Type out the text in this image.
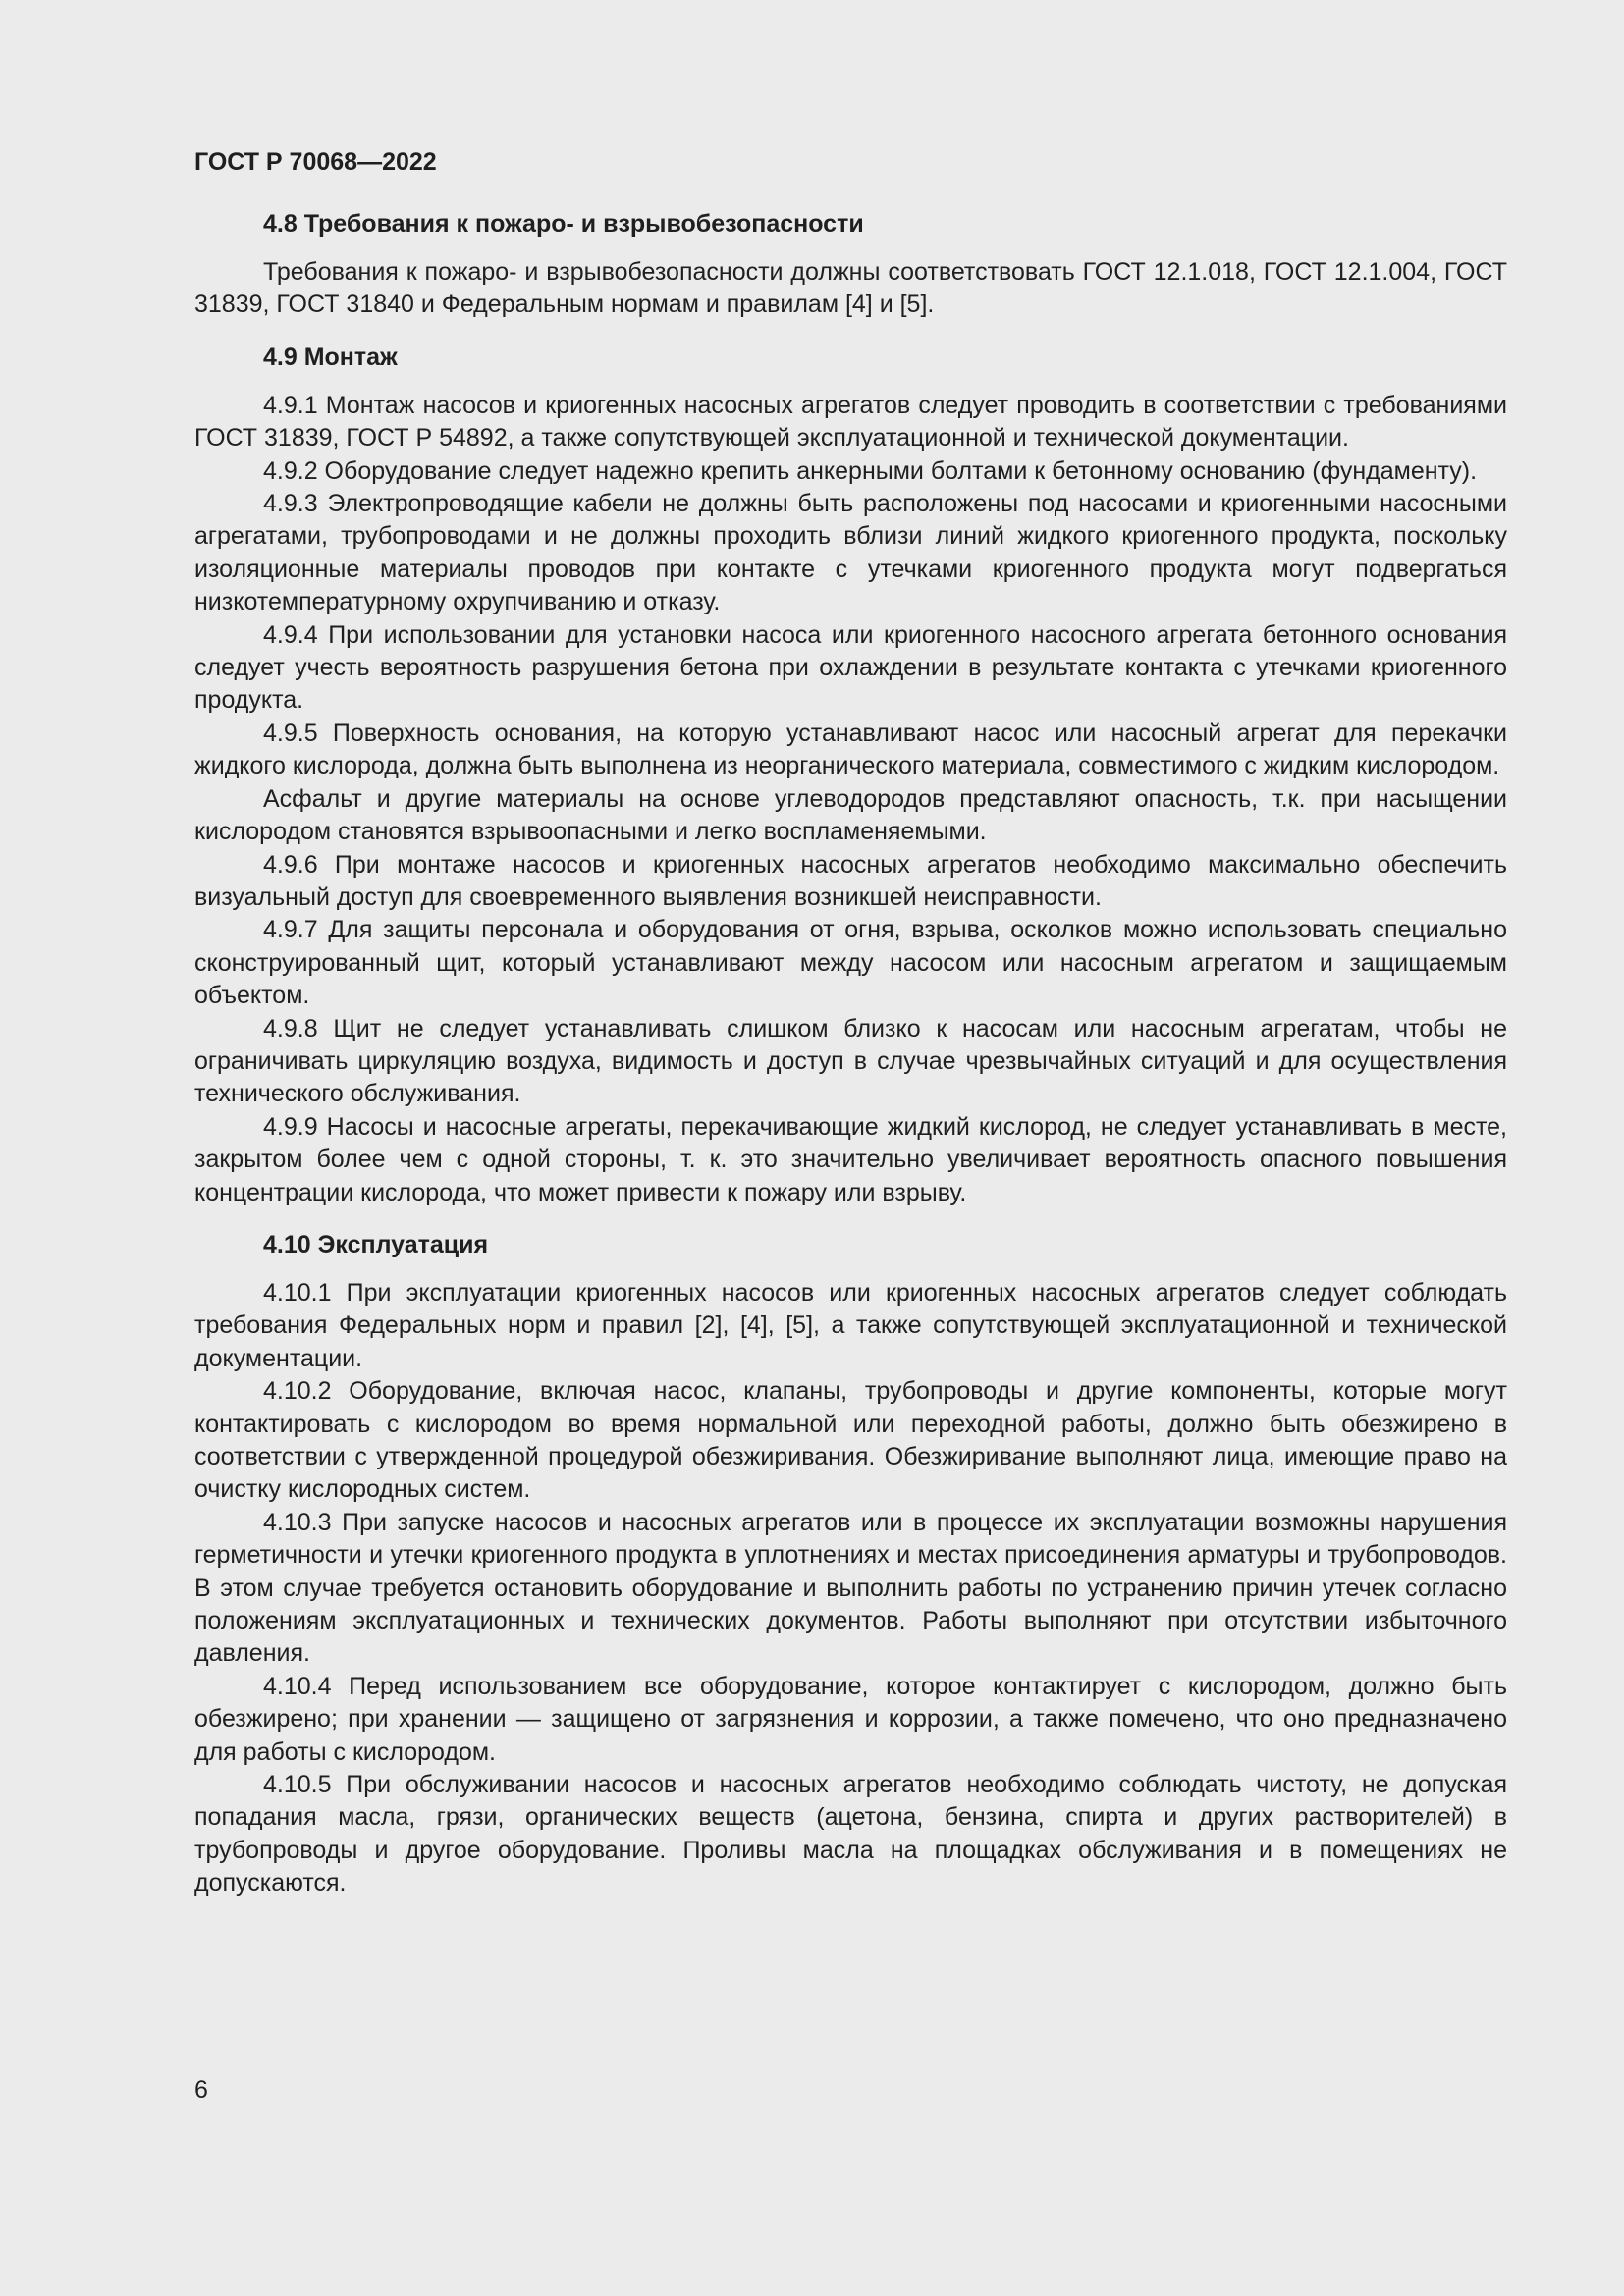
ГОСТ Р 70068—2022
4.8 Требования к пожаро- и взрывобезопасности

Требования к пожаро- и взрывобезопасности должны соответствовать ГОСТ 12.1.018, ГОСТ 12.1.004, ГОСТ 31839, ГОСТ 31840 и Федеральным нормам и правилам [4] и [5].

4.9 Монтаж

4.9.1 Монтаж насосов и криогенных насосных агрегатов следует проводить в соответствии с требованиями ГОСТ 31839, ГОСТ Р 54892, а также сопутствующей эксплуатационной и технической документации.

4.9.2 Оборудование следует надежно крепить анкерными болтами к бетонному основанию (фундаменту).

4.9.3 Электропроводящие кабели не должны быть расположены под насосами и криогенными насосными агрегатами, трубопроводами и не должны проходить вблизи линий жидкого криогенного продукта, поскольку изоляционные материалы проводов при контакте с утечками криогенного продукта могут подвергаться низкотемпературному охрупчиванию и отказу.

4.9.4 При использовании для установки насоса или криогенного насосного агрегата бетонного основания следует учесть вероятность разрушения бетона при охлаждении в результате контакта с утечками криогенного продукта.

4.9.5 Поверхность основания, на которую устанавливают насос или насосный агрегат для перекачки жидкого кислорода, должна быть выполнена из неорганического материала, совместимого с жидким кислородом.

Асфальт и другие материалы на основе углеводородов представляют опасность, т.к. при насыщении кислородом становятся взрывоопасными и легко воспламеняемыми.

4.9.6 При монтаже насосов и криогенных насосных агрегатов необходимо максимально обеспечить визуальный доступ для своевременного выявления возникшей неисправности.

4.9.7 Для защиты персонала и оборудования от огня, взрыва, осколков можно использовать специально сконструированный щит, который устанавливают между насосом или насосным агрегатом и защищаемым объектом.

4.9.8 Щит не следует устанавливать слишком близко к насосам или насосным агрегатам, чтобы не ограничивать циркуляцию воздуха, видимость и доступ в случае чрезвычайных ситуаций и для осуществления технического обслуживания.

4.9.9 Насосы и насосные агрегаты, перекачивающие жидкий кислород, не следует устанавливать в месте, закрытом более чем с одной стороны, т. к. это значительно увеличивает вероятность опасного повышения концентрации кислорода, что может привести к пожару или взрыву.

4.10 Эксплуатация

4.10.1 При эксплуатации криогенных насосов или криогенных насосных агрегатов следует соблюдать требования Федеральных норм и правил [2], [4], [5], а также сопутствующей эксплуатационной и технической документации.

4.10.2 Оборудование, включая насос, клапаны, трубопроводы и другие компоненты, которые могут контактировать с кислородом во время нормальной или переходной работы, должно быть обезжирено в соответствии с утвержденной процедурой обезжиривания. Обезжиривание выполняют лица, имеющие право на очистку кислородных систем.

4.10.3 При запуске насосов и насосных агрегатов или в процессе их эксплуатации возможны нарушения герметичности и утечки криогенного продукта в уплотнениях и местах присоединения арматуры и трубопроводов. В этом случае требуется остановить оборудование и выполнить работы по устранению причин утечек согласно положениям эксплуатационных и технических документов. Работы выполняют при отсутствии избыточного давления.

4.10.4 Перед использованием все оборудование, которое контактирует с кислородом, должно быть обезжирено; при хранении — защищено от загрязнения и коррозии, а также помечено, что оно предназначено для работы с кислородом.

4.10.5 При обслуживании насосов и насосных агрегатов необходимо соблюдать чистоту, не допуская попадания масла, грязи, органических веществ (ацетона, бензина, спирта и других растворителей) в трубопроводы и другое оборудование. Проливы масла на площадках обслуживания и в помещениях не допускаются.

6
